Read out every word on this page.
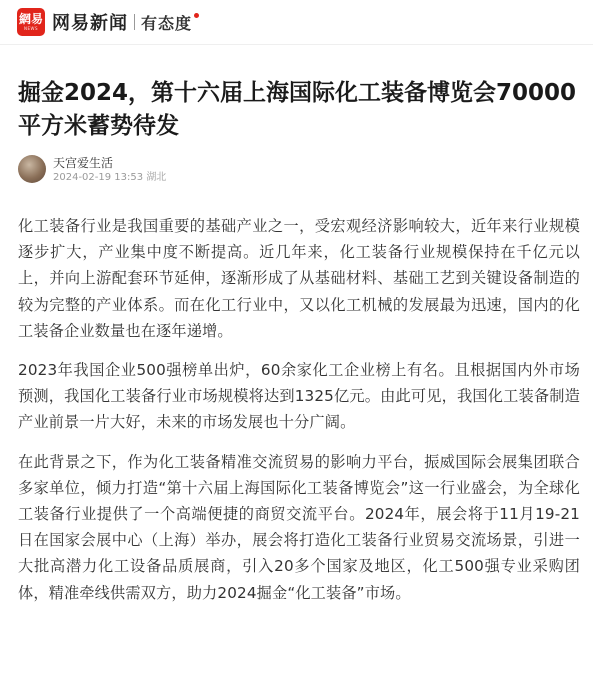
網易
NEWS 网易新闻 有态度
掘金2024，第十六届上海国际化工装备博览会70000平方米蓄势待发
天宫爱生活
2024-02-19 13:53 湖北

化工装备行业是我国重要的基础产业之一，受宏观经济影响较大，近年来行业规模逐步扩大，产业集中度不断提高。近几年来，化工装备行业规模保持在千亿元以上，并向上游配套环节延伸，逐渐形成了从基础材料、基础工艺到关键设备制造的较为完整的产业体系。而在化工行业中，又以化工机械的发展最为迅速，国内的化工装备企业数量也在逐年递增。

2023年我国企业500强榜单出炉，60余家化工企业榜上有名。且根据国内外市场预测，我国化工装备行业市场规模将达到1325亿元。由此可见，我国化工装备制造产业前景一片大好，未来的市场发展也十分广阔。

在此背景之下，作为化工装备精准交流贸易的影响力平台，振威国际会展集团联合多家单位，倾力打造“第十六届上海国际化工装备博览会”这一行业盛会，为全球化工装备行业提供了一个高端便捷的商贸交流平台。2024年，展会将于11月19-21日在国家会展中心（上海）举办，展会将打造化工装备行业贸易交流场景，引进一大批高潜力化工设备品质展商，引入20多个国家及地区，化工500强专业采购团体，精准牵线供需双方，助力2024掘金“化工装备”市场。
